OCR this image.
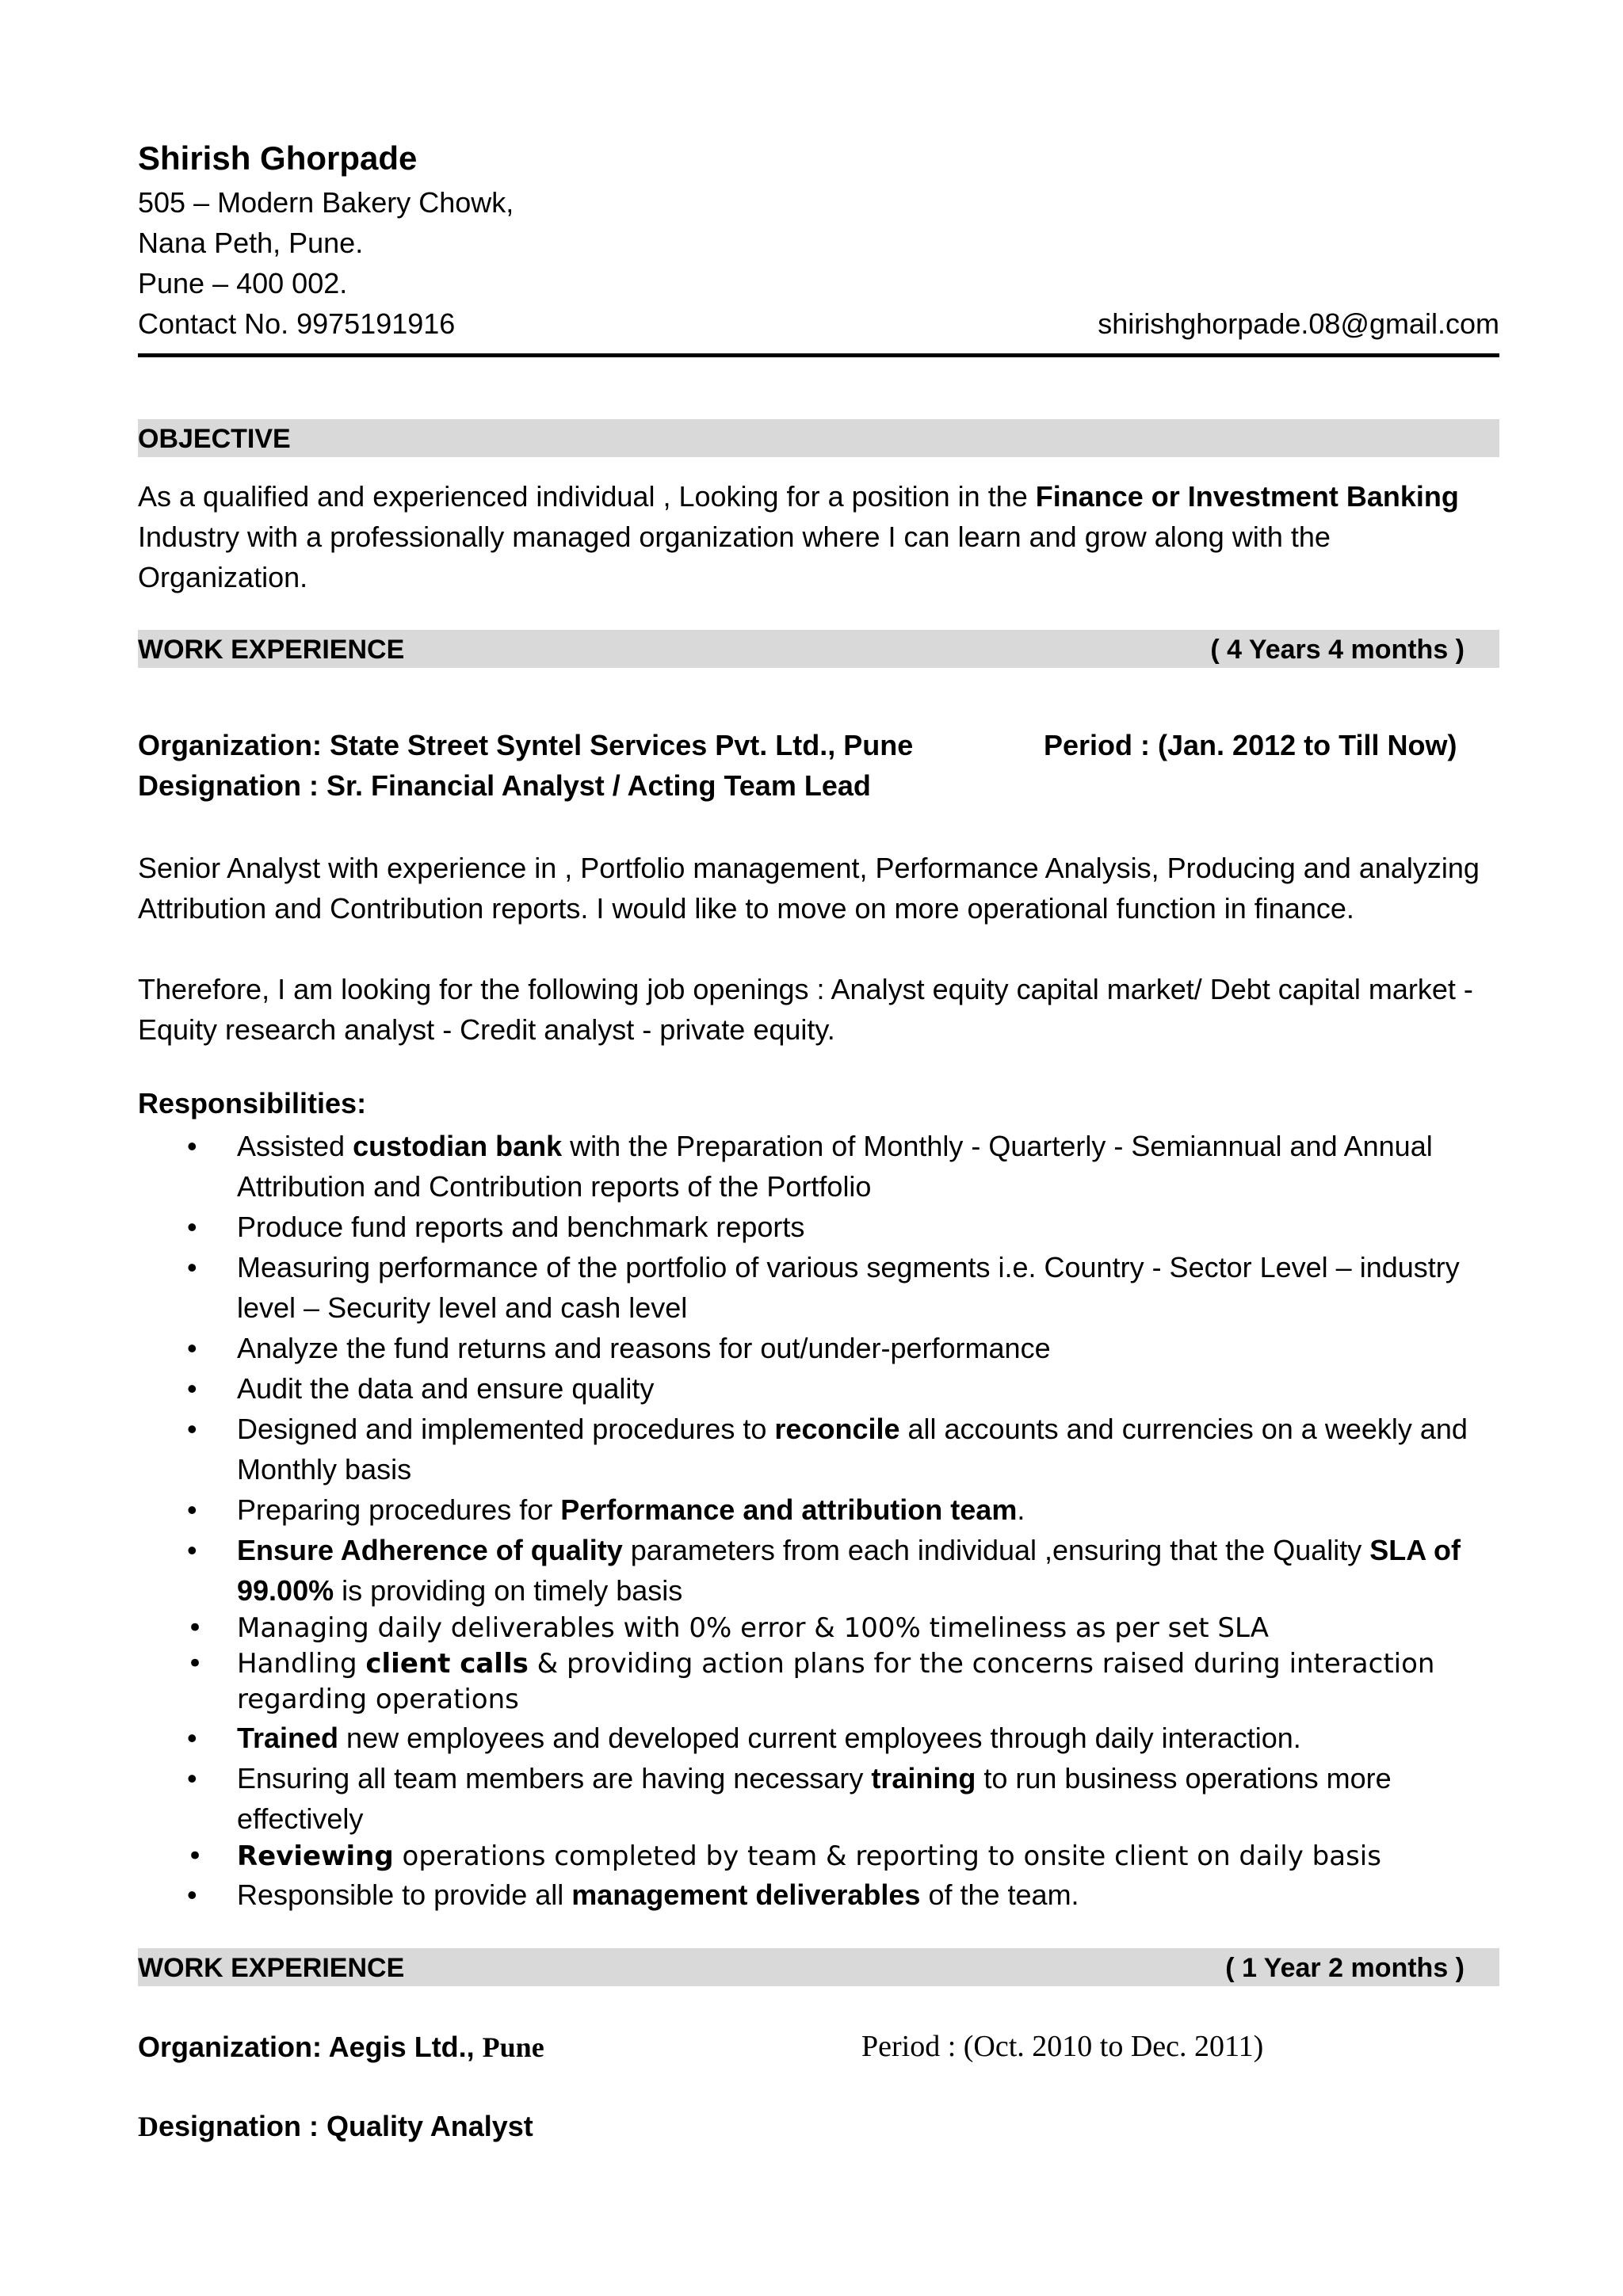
Shirish Ghorpade
505 – Modern Bakery Chowk,
Nana Peth, Pune.
Pune – 400 002.
Contact No. 9975191916	shirishghorpade.08@gmail.com
OBJECTIVE
As a qualified and experienced individual , Looking for a position in the Finance or Investment Banking Industry with a professionally managed organization where I can learn and grow along with the Organization.
WORK EXPERIENCE	( 4 Years 4 months )
Organization: State Street Syntel Services Pvt. Ltd., Pune	Period : (Jan. 2012 to Till Now)
Designation : Sr. Financial Analyst / Acting Team Lead
Senior Analyst with experience in , Portfolio management, Performance Analysis, Producing and analyzing Attribution and Contribution reports. I would like to move on more operational function in finance.
Therefore, I am looking for the following job openings : Analyst equity capital market/ Debt capital market - Equity research analyst - Credit analyst - private equity.
Responsibilities:
• Assisted custodian bank with the Preparation of Monthly - Quarterly - Semiannual and Annual Attribution and Contribution reports of the Portfolio
• Produce fund reports and benchmark reports
• Measuring performance of the portfolio of various segments i.e. Country - Sector Level – industry level – Security level and cash level
• Analyze the fund returns and reasons for out/under-performance
• Audit the data and ensure quality
• Designed and implemented procedures to reconcile all accounts and currencies on a weekly and Monthly basis
• Preparing procedures for Performance and attribution team.
• Ensure Adherence of quality parameters from each individual ,ensuring that the Quality SLA of 99.00% is providing on timely basis
• Managing daily deliverables with 0% error & 100% timeliness as per set SLA
• Handling client calls & providing action plans for the concerns raised during interaction regarding operations
• Trained new employees and developed current employees through daily interaction.
• Ensuring all team members are having necessary training to run business operations more effectively
• Reviewing operations completed by team & reporting to onsite client on daily basis
• Responsible to provide all management deliverables of the team.
WORK EXPERIENCE	( 1 Year 2 months )
Organization: Aegis Ltd., Pune	Period : (Oct. 2010 to Dec. 2011)
Designation : Quality Analyst
